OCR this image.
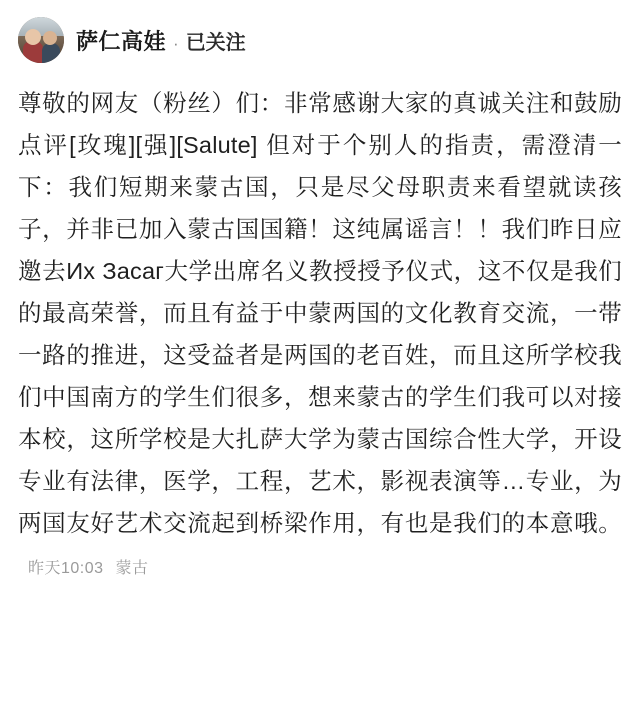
萨仁高娃 · 已关注
尊敬的网友（粉丝）们：非常感谢大家的真诚关注和鼓励点评[玫瑰][强][Salute] 但对于个别人的指责，需澄清一下：我们短期来蒙古国，只是尽父母职责来看望就读孩子，并非已加入蒙古国国籍！这纯属谣言！！我们昨日应邀去Их Засаг大学出席名义教授授予仪式，这不仅是我们的最高荣誉，而且有益于中蒙两国的文化教育交流，一带一路的推进，这受益者是两国的老百姓，而且这所学校我们中国南方的学生们很多，想来蒙古的学生们我可以对接本校，这所学校是大扎萨大学为蒙古国综合性大学，开设专业有法律，医学，工程，艺术，影视表演等…专业，为两国友好艺术交流起到桥梁作用，有也是我们的本意哦。昨天10:03 蒙古
